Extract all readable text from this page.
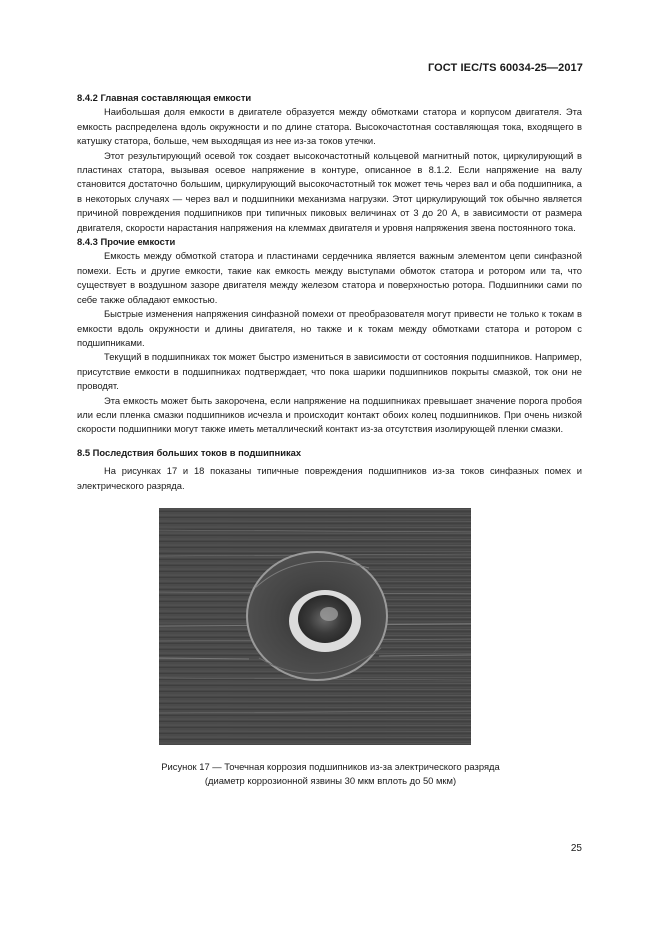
ГОСТ IEC/TS 60034-25—2017
8.4.2 Главная составляющая емкости

Наибольшая доля емкости в двигателе образуется между обмотками статора и корпусом двигателя. Эта емкость распределена вдоль окружности и по длине статора. Высокочастотная составляющая тока, входящего в катушку статора, больше, чем выходящая из нее из-за токов утечки.

Этот результирующий осевой ток создает высокочастотный кольцевой магнитный поток, циркулирующий в пластинах статора, вызывая осевое напряжение в контуре, описанное в 8.1.2. Если напряжение на валу становится достаточно большим, циркулирующий высокочастотный ток может течь через вал и оба подшипника, а в некоторых случаях — через вал и подшипники механизма нагрузки. Этот циркулирующий ток обычно является причиной повреждения подшипников при типичных пиковых величинах от 3 до 20 А, в зависимости от размера двигателя, скорости нарастания напряжения на клеммах двигателя и уровня напряжения звена постоянного тока.

8.4.3 Прочие емкости

Емкость между обмоткой статора и пластинами сердечника является важным элементом цепи синфазной помехи. Есть и другие емкости, такие как емкость между выступами обмоток статора и ротором или та, что существует в воздушном зазоре двигателя между железом статора и поверхностью ротора. Подшипники сами по себе также обладают емкостью.

Быстрые изменения напряжения синфазной помехи от преобразователя могут привести не только к токам в емкости вдоль окружности и длины двигателя, но также и к токам между обмотками статора и ротором с подшипниками.

Текущий в подшипниках ток может быстро измениться в зависимости от состояния подшипников. Например, присутствие емкости в подшипниках подтверждает, что пока шарики подшипников покрыты смазкой, ток они не проводят.

Эта емкость может быть закорочена, если напряжение на подшипниках превышает значение порога пробоя или если пленка смазки подшипников исчезла и происходит контакт обоих колец подшипников. При очень низкой скорости подшипники могут также иметь металлический контакт из-за отсутствия изолирующей пленки смазки.

8.5 Последствия больших токов в подшипниках

На рисунках 17 и 18 показаны типичные повреждения подшипников из-за токов синфазных помех и электрического разряда.

Рисунок 17 — Точечная коррозия подшипников из-за электрического разряда
(диаметр коррозионной язвины 30 мкм вплоть до 50 мкм)
25
